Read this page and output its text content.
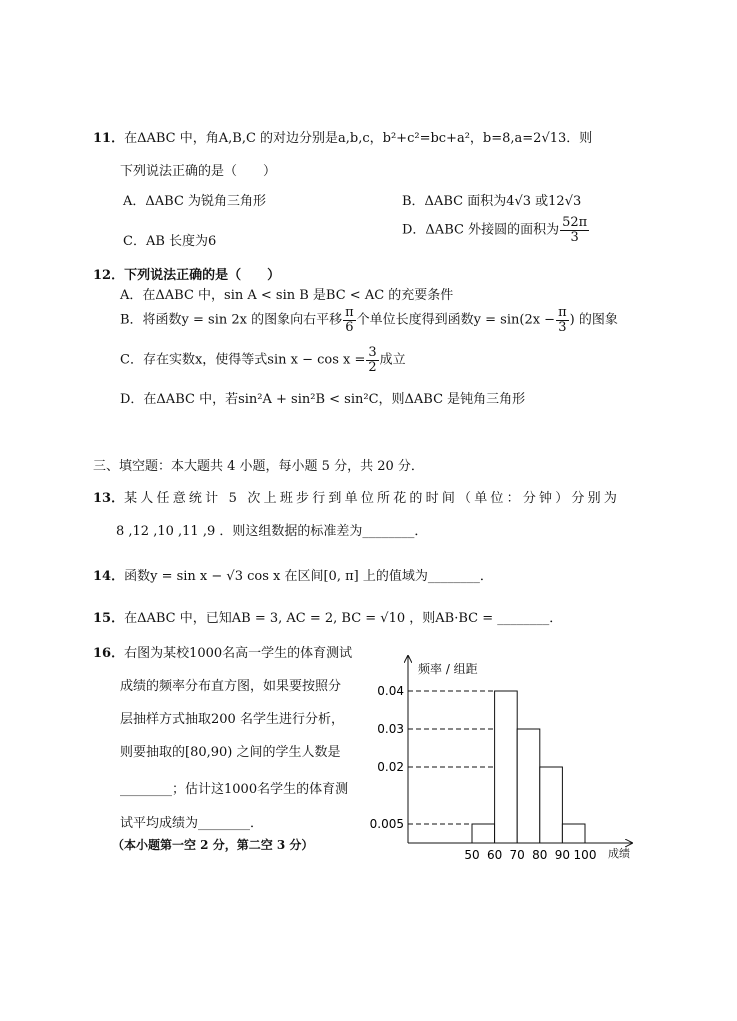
11．在ΔABC 中，角A,B,C 的对边分别是a,b,c，b²+c²=bc+a²，b=8,a=2√13．则
下列说法正确的是（　　）
A．ΔABC 为锐角三角形	B．ΔABC 面积为4√3 或12√3
C．AB 长度为6
D．ΔABC 外接圆的面积为 $\frac{52\pi}{3}$
12．下列说法正确的是（　　）
A．在ΔABC 中，sin A < sin B 是BC < AC 的充要条件
B．将函数y = sin 2x 的图象向右平移 $\frac{\pi}{6}$ 个单位长度得到函数$y = \sin(2x - \frac{\pi}{3}$ ) 的图象
C．存在实数x，使得等式$\sin x - \cos x = \frac{3}{2}$ 成立
D．在ΔABC 中，若sin²A + sin²B < sin²C，则ΔABC 是钝角三角形
三、填空题：本大题共 4 小题，每小题 5 分，共 20 分．
13．某人任意统计 5 次上班步行到单位所花的时间（单位：分钟）分别为
8 ,12 ,10 ,11 ,9 ．则这组数据的标准差为________．
14．函数y = sin x − √3 cos x 在区间[0, π] 上的值域为________．
15．在ΔABC 中，已知AB = 3, AC = 2, BC = √10 ，则AB·BC = ________．
16．右图为某校1000名高一学生的体育测试
成绩的频率分布直方图，如果要按照分
层抽样方式抽取200 名学生进行分析，
则要抽取的[80,90) 之间的学生人数是
________；估计这1000名学生的体育测
试平均成绩为________．
（本小题第一空 2 分，第二空 3 分）
频率 / 组距
成绩
0.005
0.02
0.03
0.04
50 60 70 80 90 100
